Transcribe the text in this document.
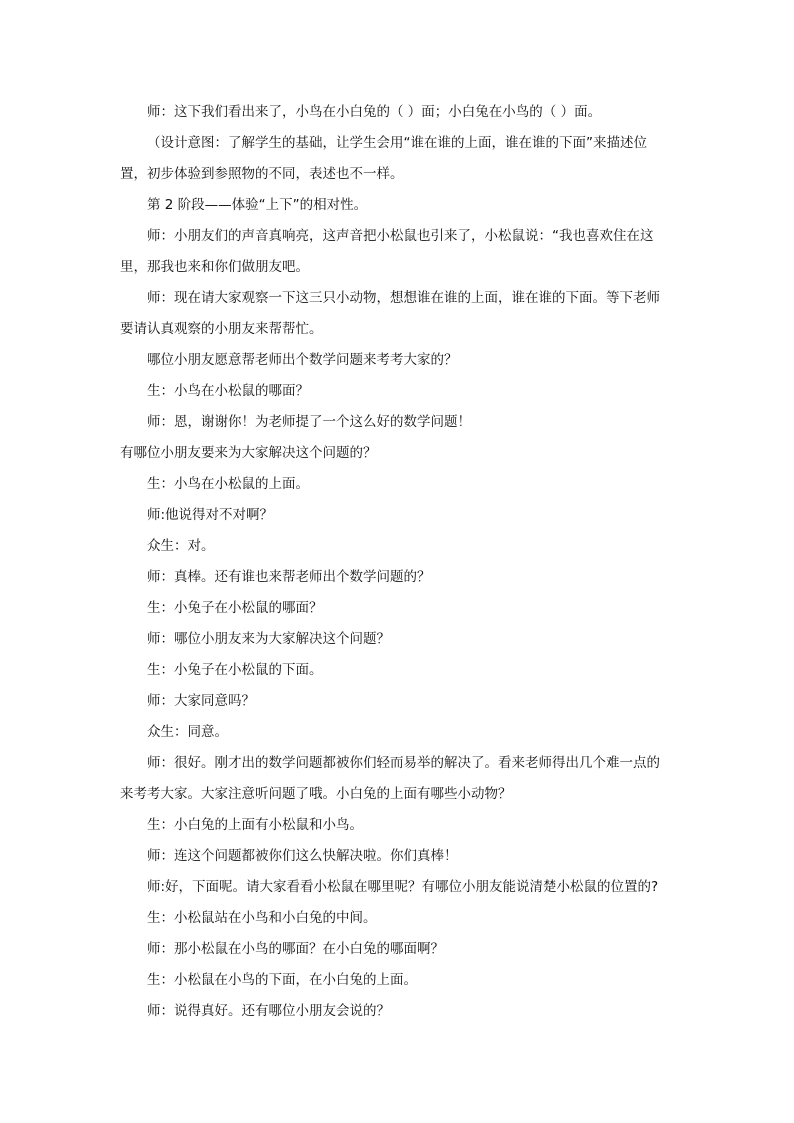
师：这下我们看出来了，小鸟在小白兔的（ ）面；小白兔在小鸟的（ ）面。
（设计意图：了解学生的基础，让学生会用“谁在谁的上面，谁在谁的下面”来描述位
置，初步体验到参照物的不同，表述也不一样。
第 2 阶段——体验“上下”的相对性。
师：小朋友们的声音真响亮，这声音把小松鼠也引来了，小松鼠说：“我也喜欢住在这
里，那我也来和你们做朋友吧。
师：现在请大家观察一下这三只小动物，想想谁在谁的上面，谁在谁的下面。等下老师
要请认真观察的小朋友来帮帮忙。
哪位小朋友愿意帮老师出个数学问题来考考大家的？
生：小鸟在小松鼠的哪面？
师：恩，谢谢你！为老师提了一个这么好的数学问题！
有哪位小朋友要来为大家解决这个问题的？
生：小鸟在小松鼠的上面。
师:他说得对不对啊？
众生：对。
师：真棒。还有谁也来帮老师出个数学问题的？
生：小兔子在小松鼠的哪面？
师：哪位小朋友来为大家解决这个问题？
生：小兔子在小松鼠的下面。
师：大家同意吗？
众生：同意。
师：很好。刚才出的数学问题都被你们轻而易举的解决了。看来老师得出几个难一点的
来考考大家。大家注意听问题了哦。小白兔的上面有哪些小动物？
生：小白兔的上面有小松鼠和小鸟。
师：连这个问题都被你们这么快解决啦。你们真棒！
师:好，下面呢。请大家看看小松鼠在哪里呢？有哪位小朋友能说清楚小松鼠的位置的?
生：小松鼠站在小鸟和小白兔的中间。
师：那小松鼠在小鸟的哪面？在小白兔的哪面啊？
生：小松鼠在小鸟的下面，在小白兔的上面。
师：说得真好。还有哪位小朋友会说的？
